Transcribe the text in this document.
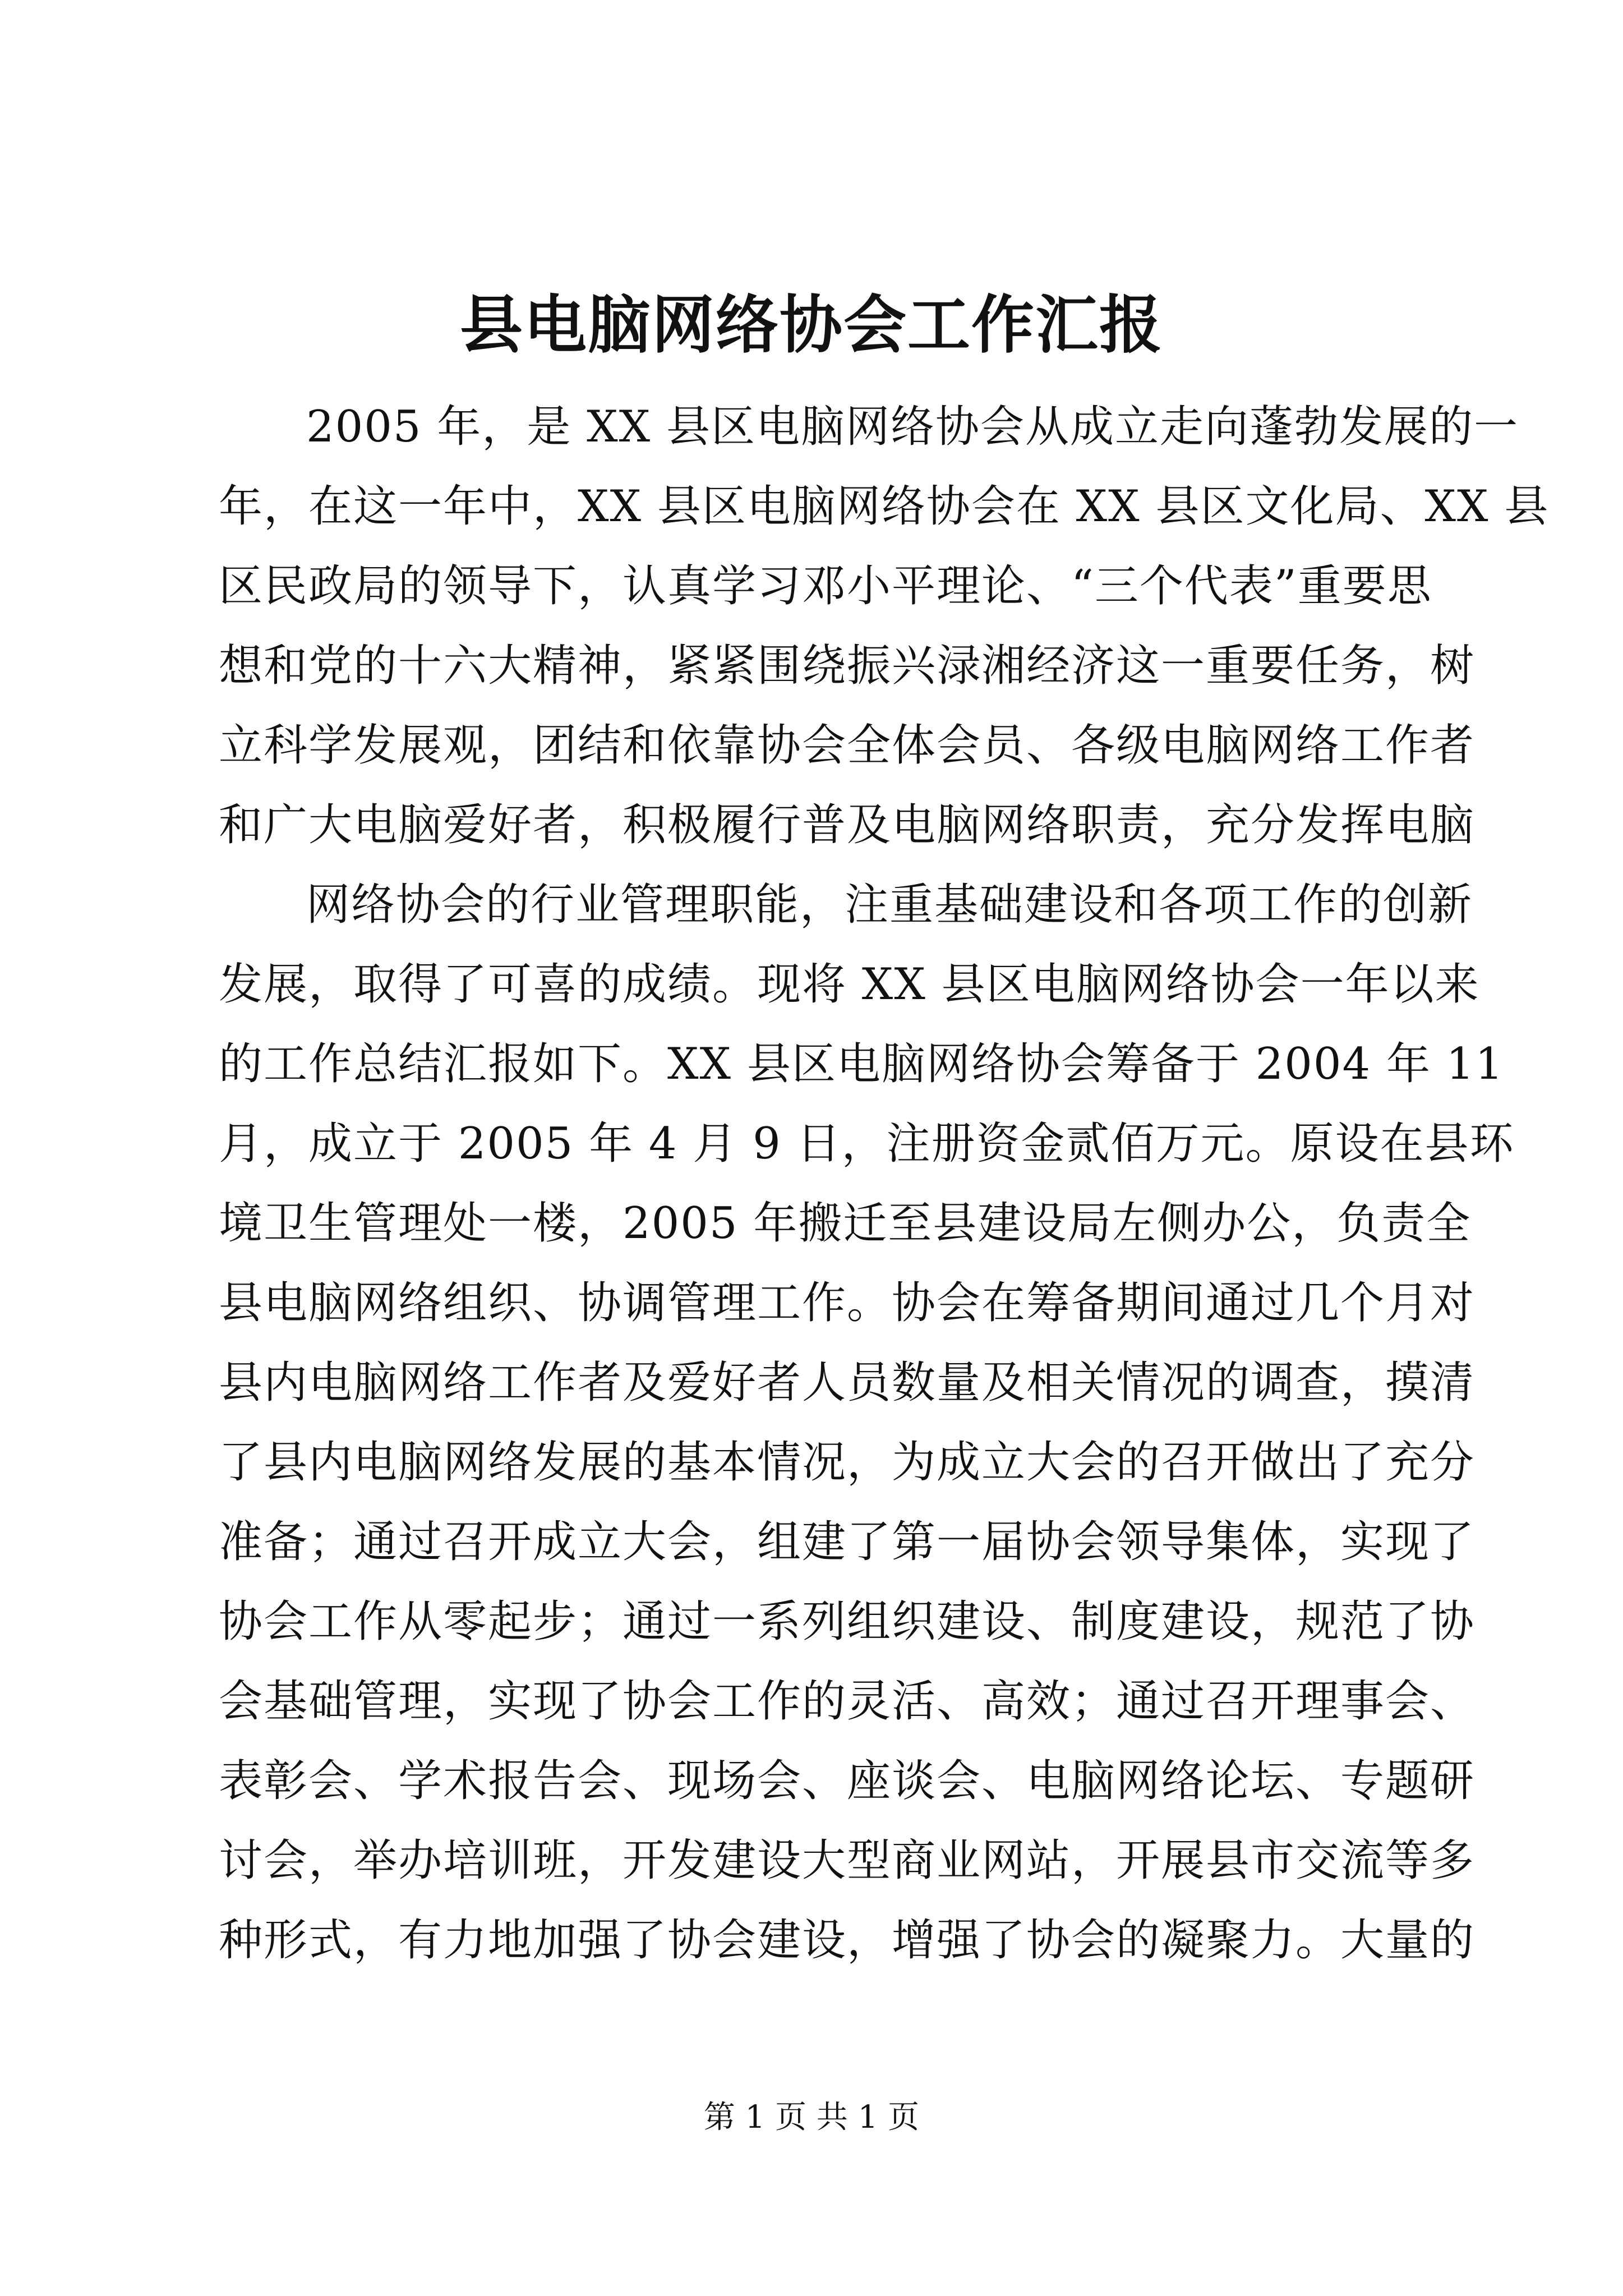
县电脑网络协会工作汇报
2005 年，是 XX 县区电脑网络协会从成立走向蓬勃发展的一
年，在这一年中，XX 县区电脑网络协会在 XX 县区文化局、XX 县
区民政局的领导下，认真学习邓小平理论、“三个代表”重要思
想和党的十六大精神，紧紧围绕振兴渌湘经济这一重要任务，树
立科学发展观，团结和依靠协会全体会员、各级电脑网络工作者
和广大电脑爱好者，积极履行普及电脑网络职责，充分发挥电脑
网络协会的行业管理职能，注重基础建设和各项工作的创新
发展，取得了可喜的成绩。现将 XX 县区电脑网络协会一年以来
的工作总结汇报如下。XX 县区电脑网络协会筹备于 2004 年 11
月，成立于 2005 年 4 月 9 日，注册资金贰佰万元。原设在县环
境卫生管理处一楼，2005 年搬迁至县建设局左侧办公，负责全
县电脑网络组织、协调管理工作。协会在筹备期间通过几个月对
县内电脑网络工作者及爱好者人员数量及相关情况的调查，摸清
了县内电脑网络发展的基本情况，为成立大会的召开做出了充分
准备；通过召开成立大会，组建了第一届协会领导集体，实现了
协会工作从零起步；通过一系列组织建设、制度建设，规范了协
会基础管理，实现了协会工作的灵活、高效；通过召开理事会、
表彰会、学术报告会、现场会、座谈会、电脑网络论坛、专题研
讨会，举办培训班，开发建设大型商业网站，开展县市交流等多
种形式，有力地加强了协会建设，增强了协会的凝聚力。大量的
第 1 页 共 1 页
